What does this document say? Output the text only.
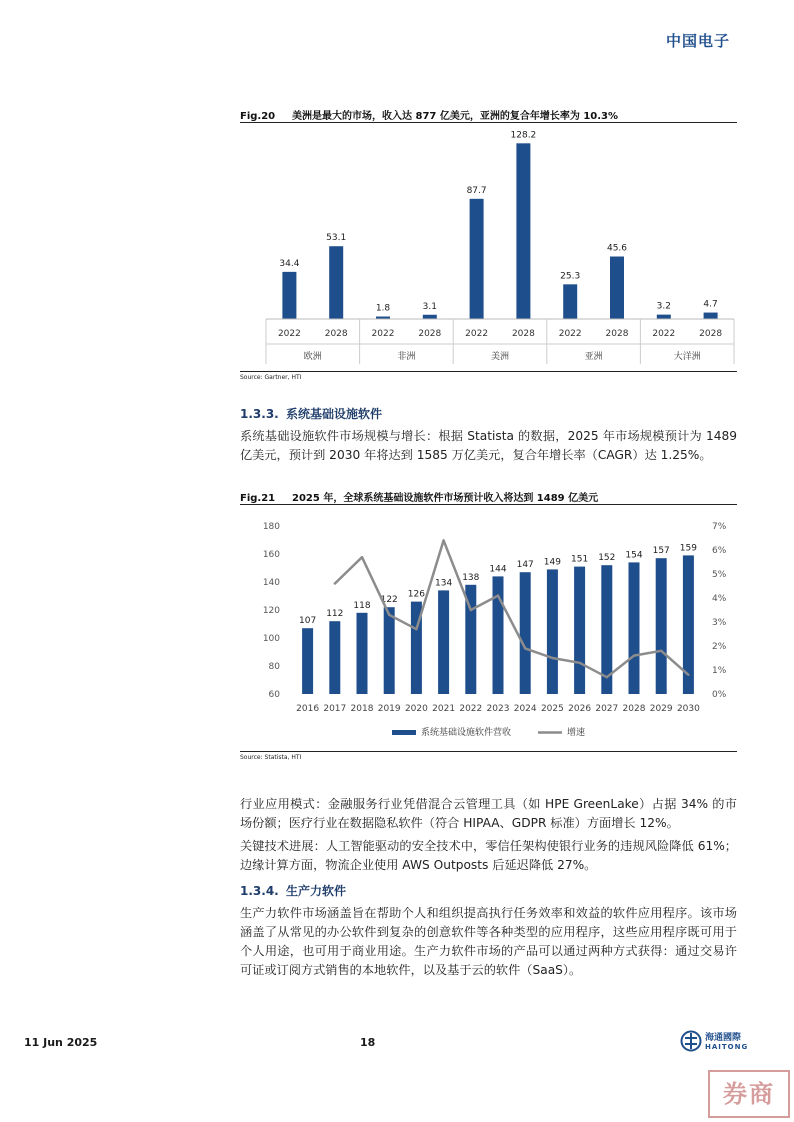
中国电子
Fig.20 美洲是最大的市场，收入达 877 亿美元，亚洲的复合年增长率为 10.3%
34.4
2022
53.1
2028
1.8
2022
3.1
2028
87.7
2022
128.2
2028
25.3
2022
45.6
2028
3.2
2022
4.7
2028
欧洲	非洲	美洲	亚洲	大洋洲
Source: Gartner, HTI
1.3.3. 系统基础设施软件
系统基础设施软件市场规模与增长：根据 Statista 的数据，2025 年市场规模预计为 1489 亿美元，预计到 2030 年将达到 1585 万亿美元，复合年增长率（CAGR）达 1.25%。
Fig.21 2025 年，全球系统基础设施软件市场预计收入将达到 1489 亿美元
60
80
100
120
140
160
180
0%
1%
2%
3%
4%
5%
6%
7%
107
2016
112
2017
118
2018
122
2019
126
2020
134
2021
138
2022
144
2023
147
2024
149
2025
151
2026
152
2027
154
2028
157
2029
159
2030
系统基础设施软件营收	增速
Source: Statista, HTI
行业应用模式：金融服务行业凭借混合云管理工具（如 HPE GreenLake）占据 34% 的市场份额；医疗行业在数据隐私软件（符合 HIPAA、GDPR 标准）方面增长 12%。
关键技术进展：人工智能驱动的安全技术中，零信任架构使银行业务的违规风险降低 61%；边缘计算方面，物流企业使用 AWS Outposts 后延迟降低 27%。
1.3.4. 生产力软件
生产力软件市场涵盖旨在帮助个人和组织提高执行任务效率和效益的软件应用程序。该市场涵盖了从常见的办公软件到复杂的创意软件等各种类型的应用程序，这些应用程序既可用于个人用途，也可用于商业用途。生产力软件市场的产品可以通过两种方式获得：通过交易许可证或订阅方式销售的本地软件，以及基于云的软件（SaaS）。
11 Jun 2025	18	海通國際
HAITONG
券商
